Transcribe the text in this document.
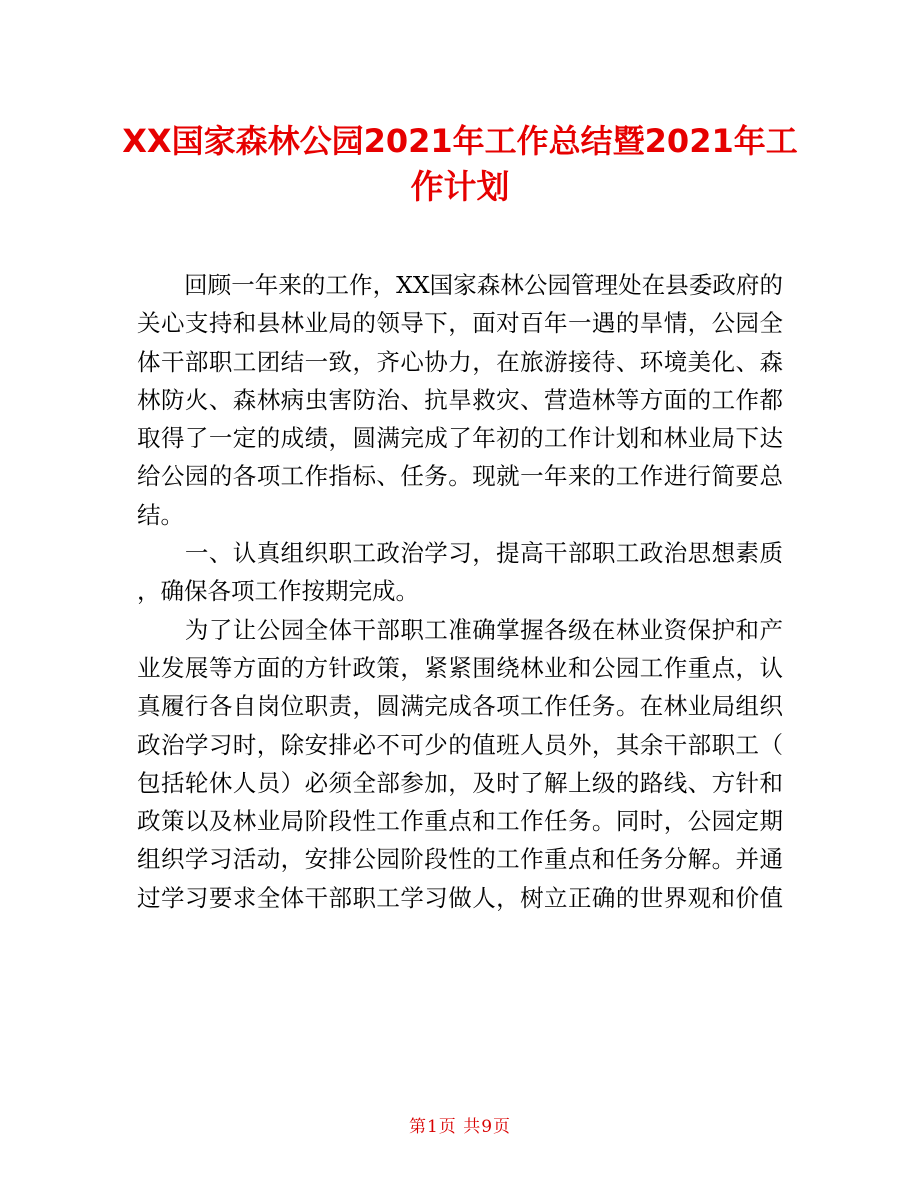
XX国家森林公园2021年工作总结暨2021年工
作计划
　　回顾一年来的工作，XX国家森林公园管理处在县委政府的
关心支持和县林业局的领导下，面对百年一遇的旱情，公园全
体干部职工团结一致，齐心协力，在旅游接待、环境美化、森
林防火、森林病虫害防治、抗旱救灾、营造林等方面的工作都
取得了一定的成绩，圆满完成了年初的工作计划和林业局下达
给公园的各项工作指标、任务。现就一年来的工作进行简要总
结。
　　一、认真组织职工政治学习，提高干部职工政治思想素质
，确保各项工作按期完成。
　　为了让公园全体干部职工准确掌握各级在林业资保护和产
业发展等方面的方针政策，紧紧围绕林业和公园工作重点，认
真履行各自岗位职责，圆满完成各项工作任务。在林业局组织
政治学习时，除安排必不可少的值班人员外，其余干部职工（
包括轮休人员）必须全部参加，及时了解上级的路线、方针和
政策以及林业局阶段性工作重点和工作任务。同时，公园定期
组织学习活动，安排公园阶段性的工作重点和任务分解。并通
过学习要求全体干部职工学习做人，树立正确的世界观和价值
第1页 共9页
